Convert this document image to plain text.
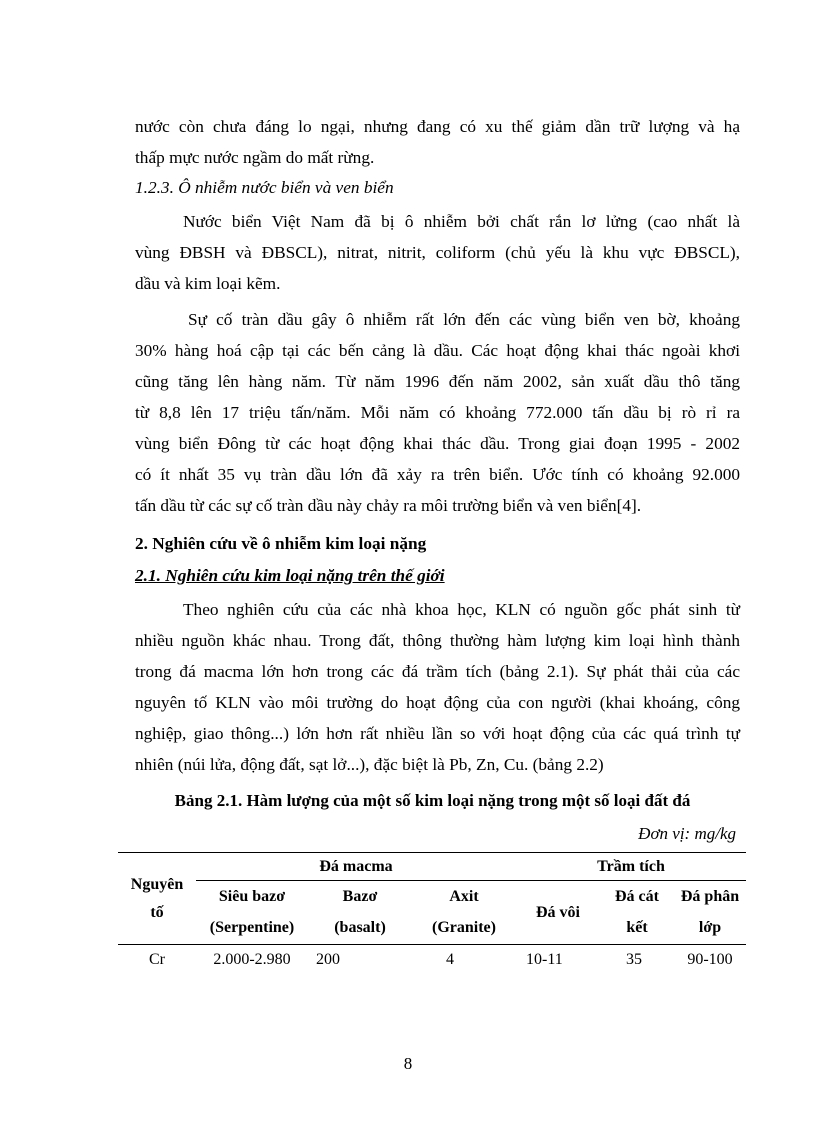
nước còn chưa đáng lo ngại, nhưng đang có xu thế giảm dần trữ lượng và hạ
thấp mực nước ngầm do mất rừng.
1.2.3. Ô nhiễm nước biển và ven biển
Nước biển Việt Nam đã bị ô nhiễm bởi chất rắn lơ lửng (cao nhất là
vùng ĐBSH và ĐBSCL), nitrat, nitrit, coliform (chủ yếu là khu vực ĐBSCL),
dầu và kim loại kẽm.
Sự cố tràn dầu gây ô nhiễm rất lớn đến các vùng biển ven bờ, khoảng
30% hàng hoá cập tại các bến cảng là dầu. Các hoạt động khai thác ngoài khơi
cũng tăng lên hàng năm. Từ năm 1996 đến năm 2002, sản xuất dầu thô tăng
từ 8,8 lên 17 triệu tấn/năm. Mỗi năm có khoảng 772.000 tấn dầu bị rò rỉ ra
vùng biển Đông từ các hoạt động khai thác dầu. Trong giai đoạn 1995 - 2002
có ít nhất 35 vụ tràn dầu lớn đã xảy ra trên biển. Ước tính có khoảng 92.000
tấn dầu từ các sự cố tràn dầu này chảy ra môi trường biển và ven biển[4].
2. Nghiên cứu về ô nhiễm kim loại nặng
2.1. Nghiên cứu kim loại nặng trên thế giới
Theo nghiên cứu của các nhà khoa học, KLN có nguồn gốc phát sinh từ
nhiều nguồn khác nhau. Trong đất, thông thường hàm lượng kim loại hình thành
trong đá macma lớn hơn trong các đá trầm tích (bảng 2.1). Sự phát thải của các
nguyên tố KLN vào môi trường do hoạt động của con người (khai khoáng, công
nghiệp, giao thông...) lớn hơn rất nhiều lần so với hoạt động của các quá trình tự
nhiên (núi lửa, động đất, sạt lở...), đặc biệt là Pb, Zn, Cu. (bảng 2.2)
Bảng 2.1. Hàm lượng của một số kim loại nặng trong một số loại đất đá
Đơn vị: mg/kg
Nguyên
tố	Đá macma			Trầm tích		
	Siêu bazơ	Bazơ	Axit	Đá vôi	Đá cát	Đá phân
	(Serpentine)	(basalt)	(Granite)		kết	lớp
Cr	2.000-2.980	200	4	10-11	35	90-100
8
